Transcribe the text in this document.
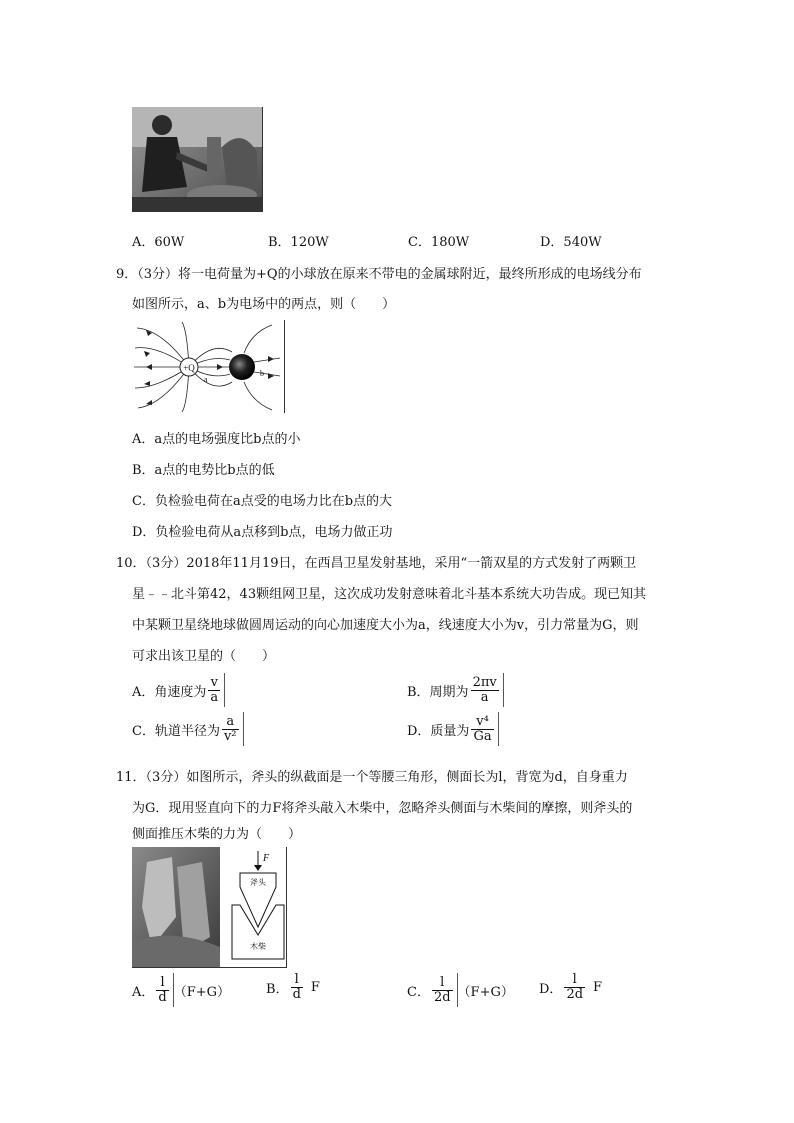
A．60W	B．120W	C．180W	D．540W
9．（3分）将一电荷量为+Q的小球放在原来不带电的金属球附近，最终所形成的电场线分布
如图所示，a、b为电场中的两点，则（　　）
+Q
a
b
A．a点的电场强度比b点的小
B．a点的电势比b点的低
C．负检验电荷在a点受的电场力比在b点的大
D．负检验电荷从a点移到b点，电场力做正功
10．（3分）2018年11月19日，在西昌卫星发射基地，采用“一箭双星的方式发射了两颗卫
星﹣﹣北斗第42，43颗组网卫星，这次成功发射意味着北斗基本系统大功告成。现已知其
中某颗卫星绕地球做圆周运动的向心加速度大小为a，线速度大小为v，引力常量为G，则
可求出该卫星的（　　）
A．角速度为 $\frac{v}{a}$	B．周期为 $\frac{2\pi v}{a}$
C．轨道半径为 $\frac{a}{\text{v²}}$	D．质量为 $\frac{\text{v⁴}}{Ga}$
11．（3分）如图所示，斧头的纵截面是一个等腰三角形，侧面长为l，背宽为d，自身重力
为G．现用竖直向下的力F将斧头敲入木柴中，忽略斧头侧面与木柴间的摩擦，则斧头的
侧面推压木柴的力为（　　）
F
斧头
木柴
A． $\frac{l}{d} (F+G)$	B． $\frac{l}{d}$ F	C． $\frac{l}{2d} (F+G)$ D． $\frac{l}{2d}$ F
